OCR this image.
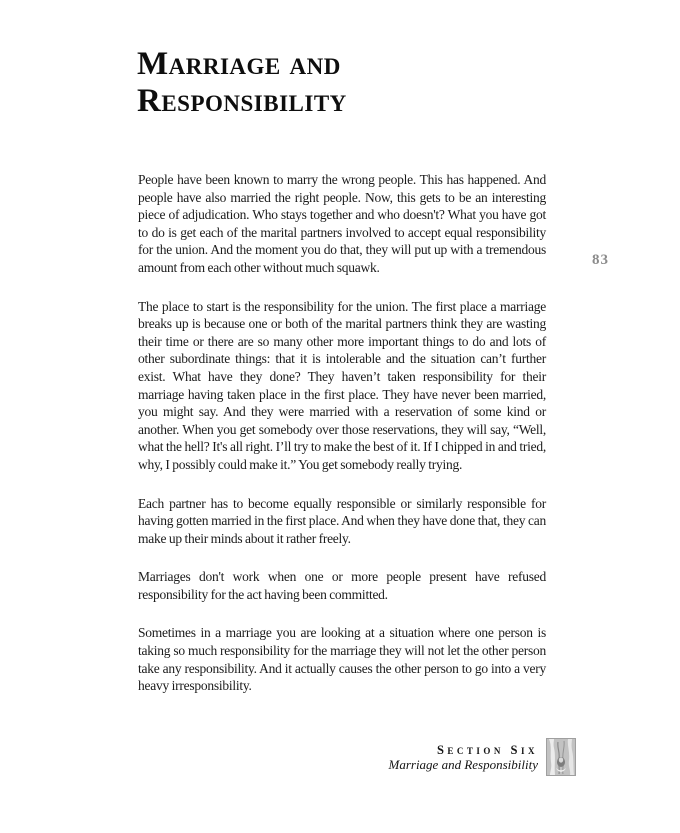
Marriage and
Responsibility
83

People have been known to marry the wrong people. This has happened. And people have also married the right people. Now, this gets to be an interesting piece of adjudication. Who stays together and who doesn't? What you have got to do is get each of the marital partners involved to accept equal responsibility for the union. And the moment you do that, they will put up with a tremendous amount from each other without much squawk.

The place to start is the responsibility for the union. The first place a marriage breaks up is because one or both of the marital partners think they are wasting their time or there are so many other more important things to do and lots of other subordinate things: that it is intolerable and the situation can’t further exist. What have they done? They haven’t taken responsibility for their marriage having taken place in the first place. They have never been married, you might say. And they were married with a reservation of some kind or another. When you get somebody over those reservations, they will say, “Well, what the hell? It's all right. I’ll try to make the best of it. If I chipped in and tried, why, I possibly could make it.” You get somebody really trying.

Each partner has to become equally responsible or similarly responsible for having gotten married in the first place. And when they have done that, they can make up their minds about it rather freely.

Marriages don't work when one or more people present have refused responsibility for the act having been committed.

Sometimes in a marriage you are looking at a situation where one person is taking so much responsibility for the marriage they will not let the other person take any responsibility. And it actually causes the other person to go into a very heavy irresponsibility.

Section Six
Marriage and Responsibility
